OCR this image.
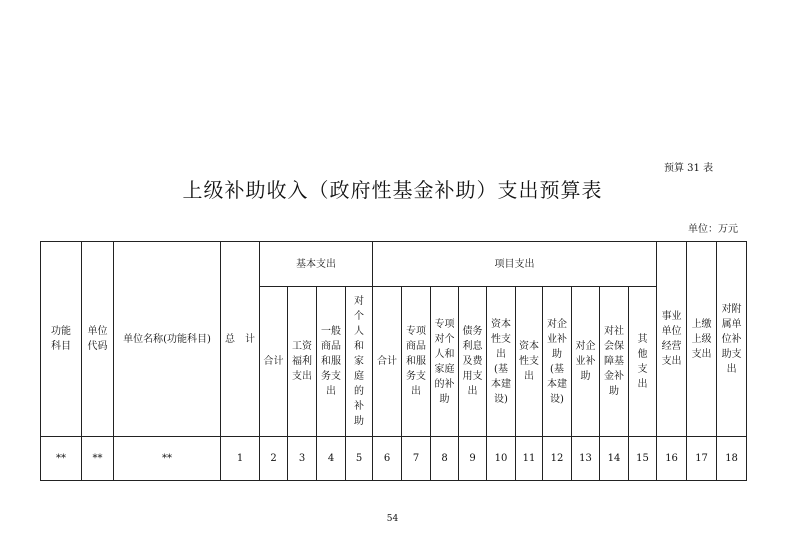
预算 31 表
上级补助收入（政府性基金补助）支出预算表
单位：万元
功能科目	单位代码	单位名称(功能科目)	总　计	基本支出				项目支出										事业单位经营支出	上缴上级支出	对附属单位补助支出
				合计	工资福利支出	一般商品和服务支出	对个人和家庭的补助	合计	专项商品和服务支出	专项对个人和家庭的补助	债务利息及费用支出	资本性支出(基本建设)	资本性支出	对企业补助(基本建设)	对企业补助	对社会保障基金补助	其他支出			
**	**	**	1	2	3	4	5	6	7	8	9	10	11	12	13	14	15	16	17	18
54
